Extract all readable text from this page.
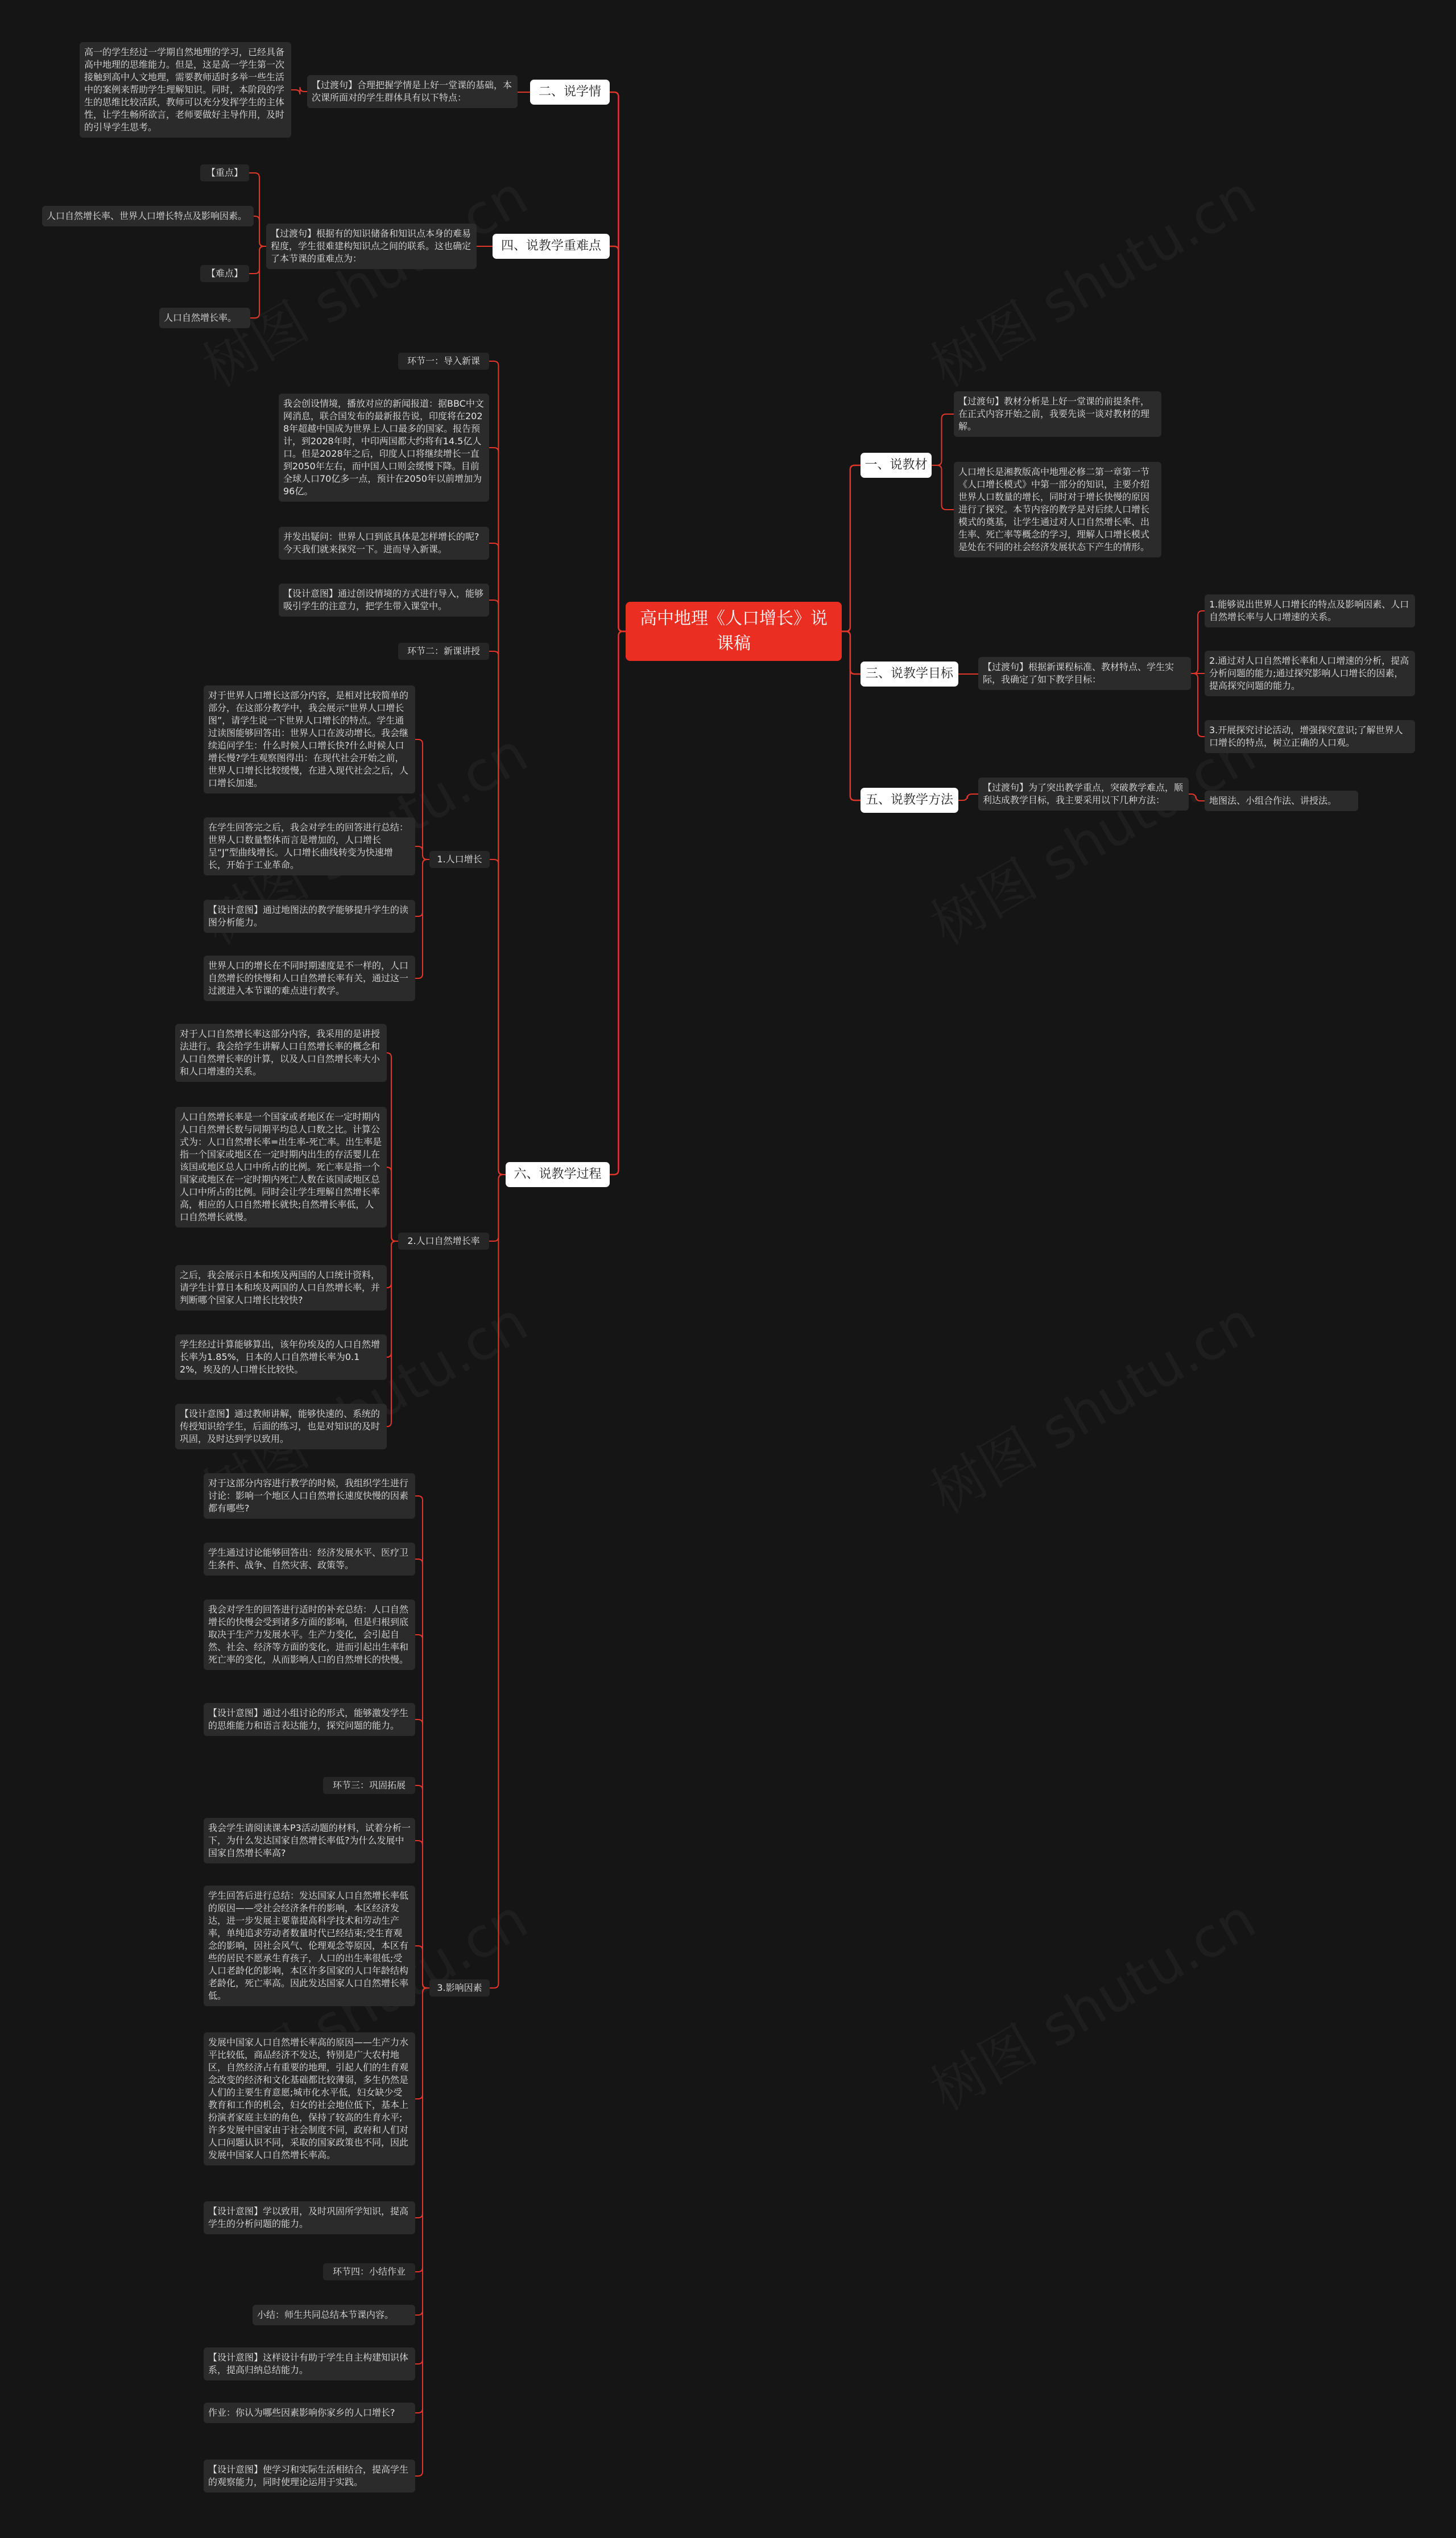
高中地理《人口增长》说课稿
一、说教材
二、说学情
三、说教学目标
四、说教学重难点
五、说教学方法
六、说教学过程
【过渡句】教材分析是上好一堂课的前提条件，在正式内容开始之前，我要先谈一谈对教材的理解。
人口增长是湘教版高中地理必修二第一章第一节《人口增长模式》中第一部分的知识，主要介绍世界人口数量的增长，同时对于增长快慢的原因进行了探究。本节内容的教学是对后续人口增长模式的奠基，让学生通过对人口自然增长率、出生率、死亡率等概念的学习，理解人口增长模式是处在不同的社会经济发展状态下产生的情形。
【过渡句】合理把握学情是上好一堂课的基础，本次课所面对的学生群体具有以下特点：
高一的学生经过一学期自然地理的学习，已经具备高中地理的思维能力。但是，这是高一学生第一次接触到高中人文地理，需要教师适时多举一些生活中的案例来帮助学生理解知识。同时，本阶段的学生的思维比较活跃，教师可以充分发挥学生的主体性，让学生畅所欲言，老师要做好主导作用，及时的引导学生思考。
【过渡句】根据新课程标准、教材特点、学生实际，我确定了如下教学目标：
1.能够说出世界人口增长的特点及影响因素、人口自然增长率与人口增速的关系。
2.通过对人口自然增长率和人口增速的分析，提高分析问题的能力;通过探究影响人口增长的因素，提高探究问题的能力。
3.开展探究讨论活动，增强探究意识;了解世界人口增长的特点，树立正确的人口观。
【过渡句】根据有的知识储备和知识点本身的难易程度，学生很难建构知识点之间的联系。这也确定了本节课的重难点为：
【重点】
人口自然增长率、世界人口增长特点及影响因素。
【难点】
人口自然增长率。
【过渡句】为了突出教学重点，突破教学难点，顺利达成教学目标，我主要采用以下几种方法：	地图法、小组合作法、讲授法。
环节一：导入新课
我会创设情境，播放对应的新闻报道：据BBC中文网消息，联合国发布的最新报告说，印度将在2028年超越中国成为世界上人口最多的国家。报告预计，到2028年时，中印两国都大约将有14.5亿人口。但是2028年之后，印度人口将继续增长一直到2050年左右，而中国人口则会缓慢下降。目前全球人口70亿多一点，预计在2050年以前增加为96亿。
并发出疑问：世界人口到底具体是怎样增长的呢?今天我们就来探究一下。进而导入新课。
【设计意图】通过创设情境的方式进行导入，能够吸引学生的注意力，把学生带入课堂中。
环节二：新课讲授
1.人口增长
2.人口自然增长率
3.影响因素
对于世界人口增长这部分内容，是相对比较简单的部分，在这部分教学中，我会展示“世界人口增长图”，请学生说一下世界人口增长的特点。学生通过读图能够回答出：世界人口在波动增长。我会继续追问学生：什么时候人口增长快?什么时候人口增长慢?学生观察图得出：在现代社会开始之前，世界人口增长比较缓慢，在进入现代社会之后，人口增长加速。
在学生回答完之后，我会对学生的回答进行总结：世界人口数量整体而言是增加的，人口增长呈“J”型曲线增长。人口增长曲线转变为快速增长，开始于工业革命。
【设计意图】通过地图法的教学能够提升学生的读图分析能力。
世界人口的增长在不同时期速度是不一样的，人口自然增长的快慢和人口自然增长率有关，通过这一过渡进入本节课的难点进行教学。
对于人口自然增长率这部分内容，我采用的是讲授法进行。我会给学生讲解人口自然增长率的概念和人口自然增长率的计算，以及人口自然增长率大小和人口增速的关系。
人口自然增长率是一个国家或者地区在一定时期内人口自然增长数与同期平均总人口数之比。计算公式为：人口自然增长率=出生率-死亡率。出生率是指一个国家或地区在一定时期内出生的存活婴儿在该国或地区总人口中所占的比例。死亡率是指一个国家或地区在一定时期内死亡人数在该国或地区总人口中所占的比例。同时会让学生理解自然增长率高，相应的人口自然增长就快;自然增长率低，人口自然增长就慢。
之后，我会展示日本和埃及两国的人口统计资料，请学生计算日本和埃及两国的人口自然增长率，并判断哪个国家人口增长比较快?
学生经过计算能够算出，该年份埃及的人口自然增长率为1.85%，日本的人口自然增长率为0.12%，埃及的人口增长比较快。
【设计意图】通过教师讲解，能够快速的、系统的传授知识给学生，后面的练习，也是对知识的及时巩固，及时达到学以致用。
对于这部分内容进行教学的时候，我组织学生进行讨论：影响一个地区人口自然增长速度快慢的因素都有哪些?
学生通过讨论能够回答出：经济发展水平、医疗卫生条件、战争、自然灾害、政策等。
我会对学生的回答进行适时的补充总结：人口自然增长的快慢会受到诸多方面的影响，但是归根到底取决于生产力发展水平。生产力变化，会引起自然、社会、经济等方面的变化，进而引起出生率和死亡率的变化，从而影响人口的自然增长的快慢。
【设计意图】通过小组讨论的形式，能够激发学生的思维能力和语言表达能力，探究问题的能力。
环节三：巩固拓展
我会学生请阅读课本P3活动题的材料，试着分析一下，为什么发达国家自然增长率低?为什么发展中国家自然增长率高?
学生回答后进行总结：发达国家人口自然增长率低的原因——受社会经济条件的影响，本区经济发达，进一步发展主要靠提高科学技术和劳动生产率，单纯追求劳动者数量时代已经结束;受生育观念的影响，因社会风气、伦理观念等原因，本区有些的居民不愿承生育孩子，人口的出生率很低;受人口老龄化的影响，本区许多国家的人口年龄结构老龄化，死亡率高。因此发达国家人口自然增长率低。
发展中国家人口自然增长率高的原因——生产力水平比较低，商品经济不发达，特别是广大农村地区，自然经济占有重要的地理，引起人们的生育观念改变的经济和文化基础都比较薄弱，多生仍然是人们的主要生育意愿;城市化水平低，妇女缺少受教育和工作的机会，妇女的社会地位低下，基本上扮演者家庭主妇的角色，保持了较高的生育水平;许多发展中国家由于社会制度不同，政府和人们对人口问题认识不同，采取的国家政策也不同，因此发展中国家人口自然增长率高。
【设计意图】学以致用，及时巩固所学知识，提高学生的分析问题的能力。
环节四：小结作业
小结：师生共同总结本节课内容。
【设计意图】这样设计有助于学生自主构建知识体系，提高归纳总结能力。
作业：你认为哪些因素影响你家乡的人口增长?
【设计意图】使学习和实际生活相结合，提高学生的观察能力，同时使理论运用于实践。
